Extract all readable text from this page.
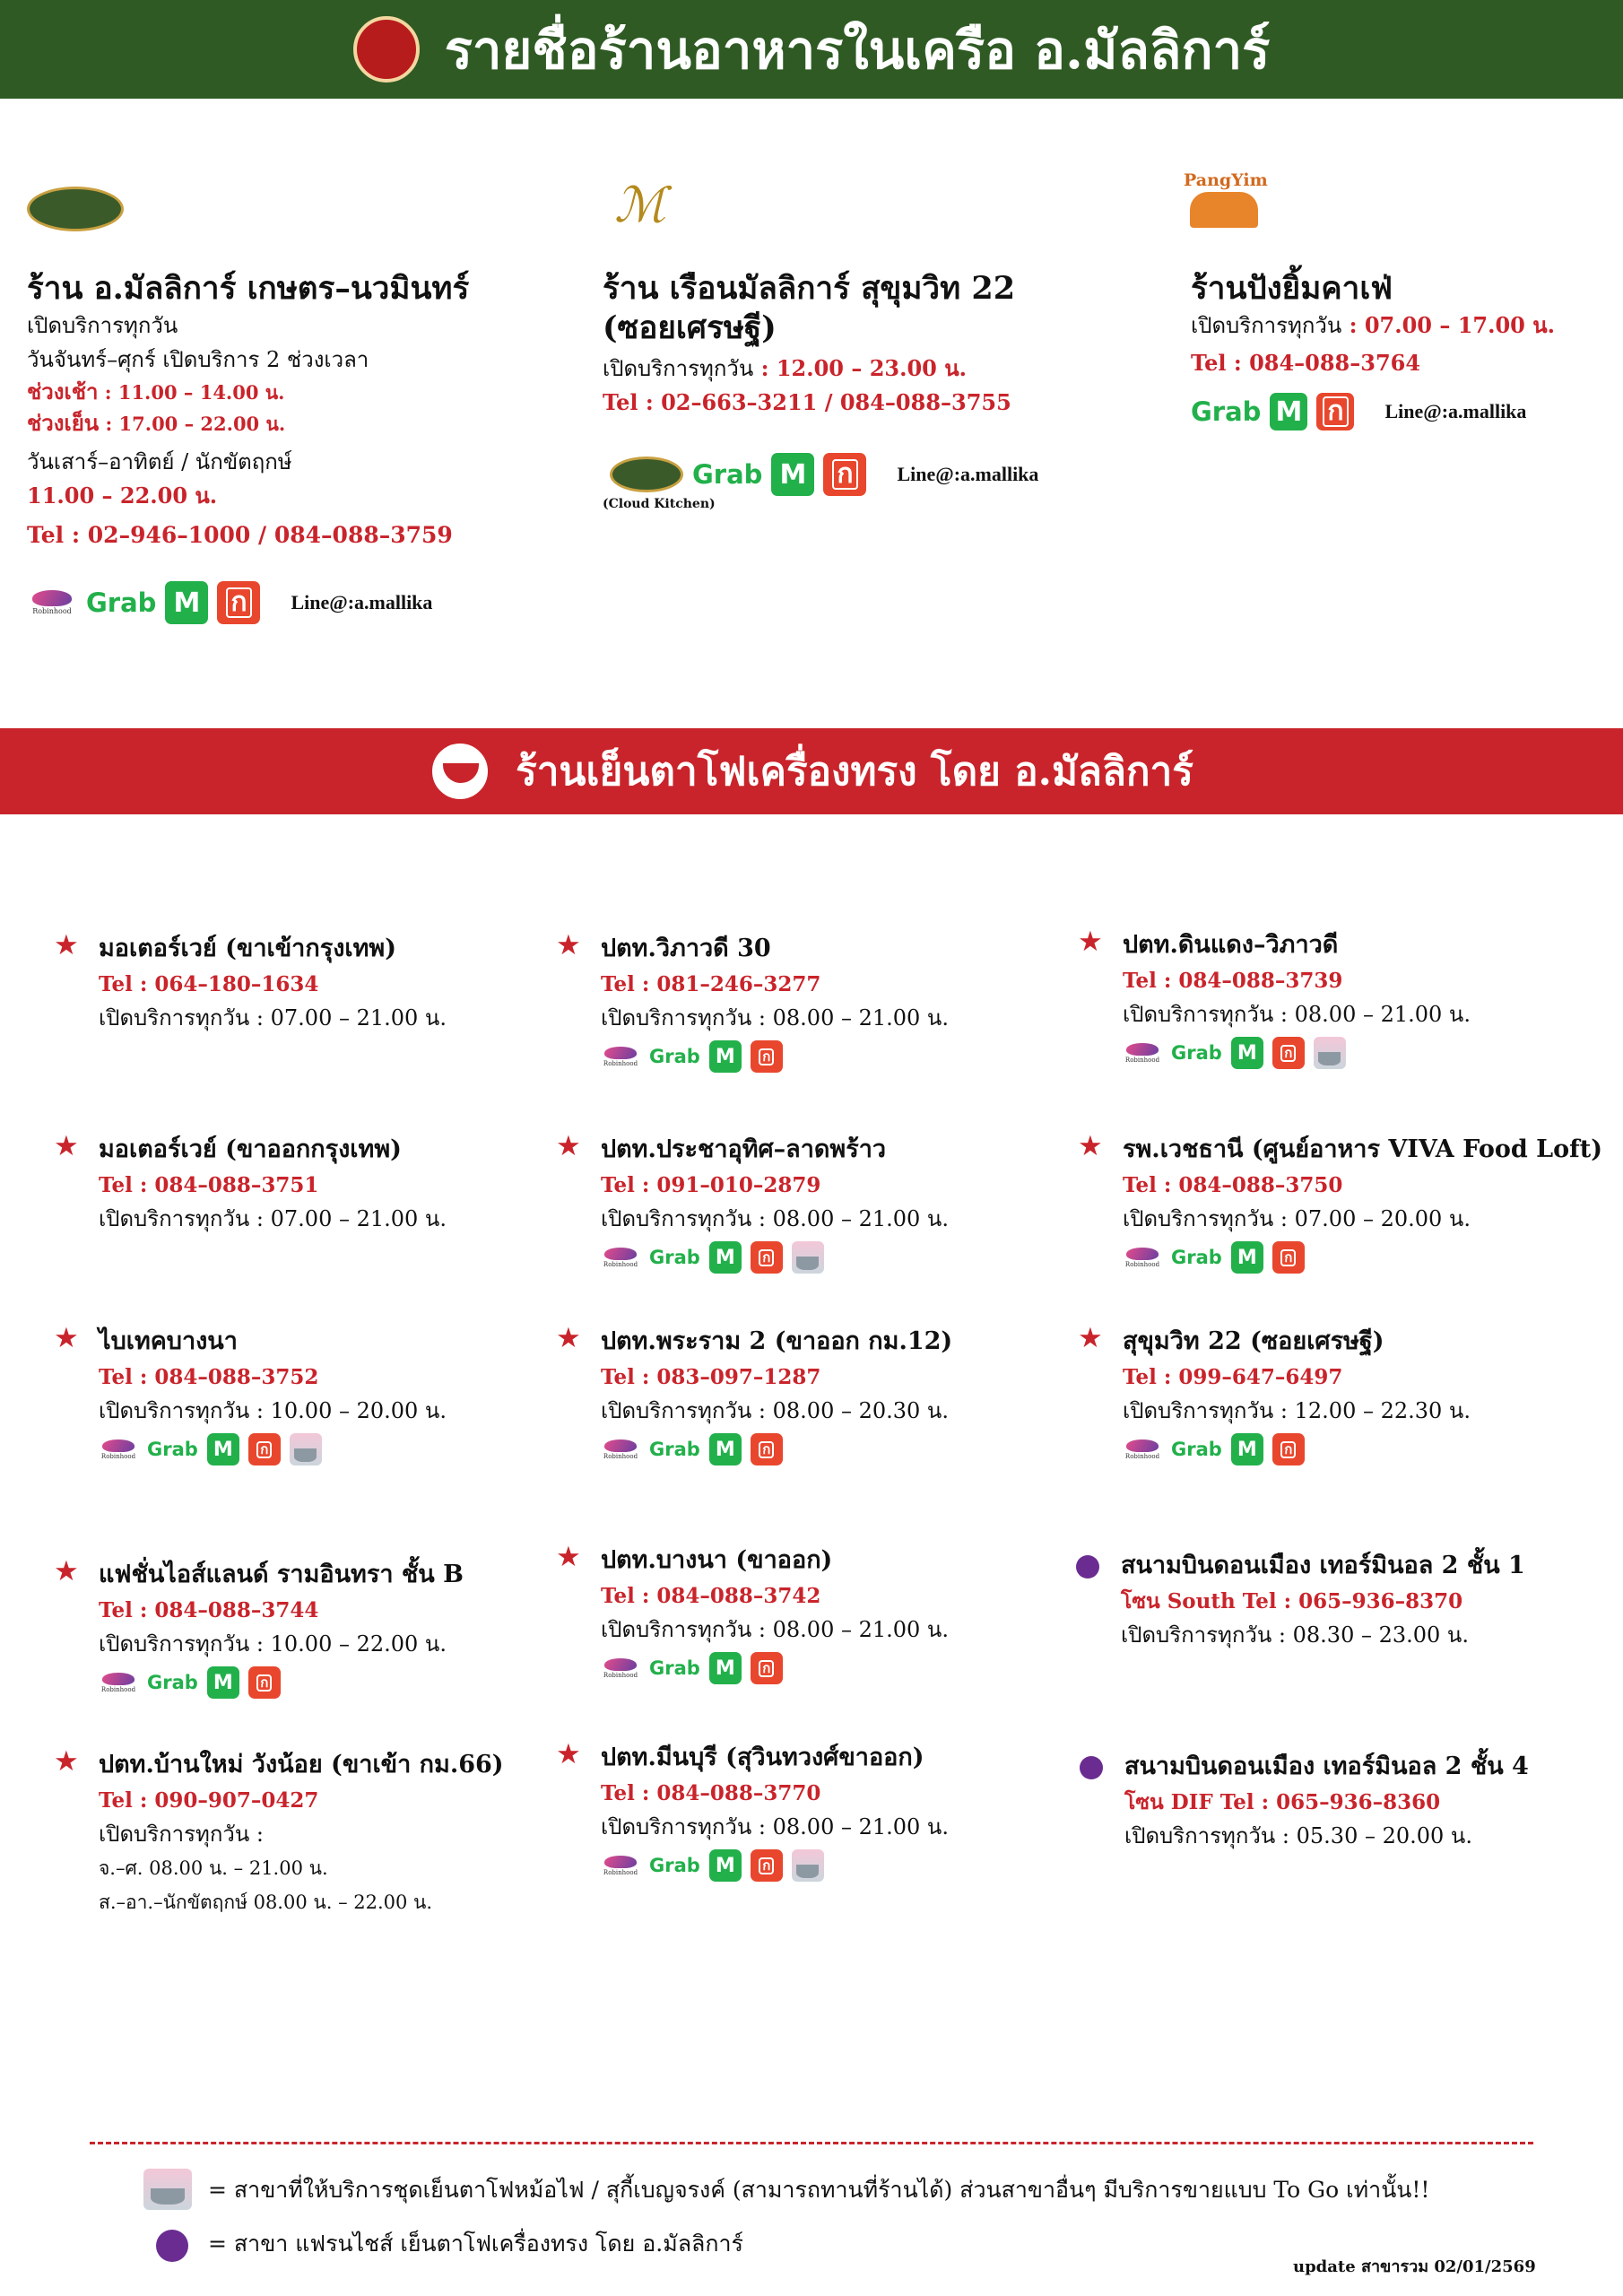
รายชื่อร้านอาหารในเครือ อ.มัลลิการ์
ร้าน อ.มัลลิการ์ เกษตร–นวมินทร์
เปิดบริการทุกวัน
วันจันทร์–ศุกร์ เปิดบริการ 2 ช่วงเวลา
ช่วงเช้า : 11.00 – 14.00 น.
ช่วงเย็น : 17.00 – 22.00 น.
วันเสาร์–อาทิตย์ / นักขัตฤกษ์
11.00 – 22.00 น.
Tel : 02–946–1000 / 084–088–3759
Robinhood Grab M	ก Line@:a.mallika
ℳ
ร้าน เรือนมัลลิการ์ สุขุมวิท 22
(ซอยเศรษฐี)
เปิดบริการทุกวัน : 12.00 – 23.00 น.
Tel : 02–663–3211 / 084–088–3755
Grab M	ก Line@:a.mallika
(Cloud Kitchen)
PangYim
ร้านปังยิ้มคาเฟ่
เปิดบริการทุกวัน : 07.00 – 17.00 น.
Tel : 084–088–3764
Grab M ก Line@:a.mallika
ร้านเย็นตาโฟเครื่องทรง โดย อ.มัลลิการ์
★ มอเตอร์เวย์ (ขาเข้ากรุงเทพ)
Tel : 064–180–1634
เปิดบริการทุกวัน : 07.00 – 21.00 น.
★ ปตท.วิภาวดี 30
Tel : 081–246–3277
เปิดบริการทุกวัน : 08.00 – 21.00 น.
Robinhood Grab M	ก
★ ปตท.ดินแดง–วิภาวดี
Tel : 084–088–3739
เปิดบริการทุกวัน : 08.00 – 21.00 น.
Robinhood Grab M	ก
★ มอเตอร์เวย์ (ขาออกกรุงเทพ)
Tel : 084–088–3751
เปิดบริการทุกวัน : 07.00 – 21.00 น.
★ ปตท.ประชาอุทิศ–ลาดพร้าว
Tel : 091–010–2879
เปิดบริการทุกวัน : 08.00 – 21.00 น.
Robinhood Grab M	ก
★ รพ.เวชธานี (ศูนย์อาหาร VIVA Food Loft)
Tel : 084–088–3750
เปิดบริการทุกวัน : 07.00 – 20.00 น.
Robinhood Grab M	ก
★ ไบเทคบางนา
Tel : 084–088–3752
เปิดบริการทุกวัน : 10.00 – 20.00 น.
Robinhood Grab M	ก
★ ปตท.พระราม 2 (ขาออก กม.12)
Tel : 083–097–1287
เปิดบริการทุกวัน : 08.00 – 20.30 น.
Robinhood Grab M	ก
★ สุขุมวิท 22 (ซอยเศรษฐี)
Tel : 099–647–6497
เปิดบริการทุกวัน : 12.00 – 22.30 น.
Robinhood Grab M	ก
★ แฟชั่นไอส์แลนด์ รามอินทรา ชั้น B
Tel : 084–088–3744
เปิดบริการทุกวัน : 10.00 – 22.00 น.
Robinhood Grab M	ก
★ ปตท.บางนา (ขาออก)
Tel : 084–088–3742
เปิดบริการทุกวัน : 08.00 – 21.00 น.
Robinhood Grab M	ก
สนามบินดอนเมือง เทอร์มินอล 2 ชั้น 1
โซน South Tel : 065–936–8370
เปิดบริการทุกวัน : 08.30 – 23.00 น.
★ ปตท.บ้านใหม่ วังน้อย (ขาเข้า กม.66)
Tel : 090–907–0427
เปิดบริการทุกวัน :
จ.–ศ. 08.00 น. – 21.00 น.
ส.–อา.–นักขัตฤกษ์ 08.00 น. – 22.00 น.
★ ปตท.มีนบุรี (สุวินทวงศ์ขาออก)
Tel : 084–088–3770
เปิดบริการทุกวัน : 08.00 – 21.00 น.
Robinhood Grab M	ก
สนามบินดอนเมือง เทอร์มินอล 2 ชั้น 4
โซน DIF Tel : 065–936–8360
เปิดบริการทุกวัน : 05.30 – 20.00 น.
= สาขาที่ให้บริการชุดเย็นตาโฟหม้อไฟ / สุกี้เบญจรงค์ (สามารถทานที่ร้านได้) ส่วนสาขาอื่นๆ มีบริการขายแบบ To Go เท่านั้น!!
= สาขา แฟรนไชส์ เย็นตาโฟเครื่องทรง โดย อ.มัลลิการ์
update สาขารวม 02/01/2569
